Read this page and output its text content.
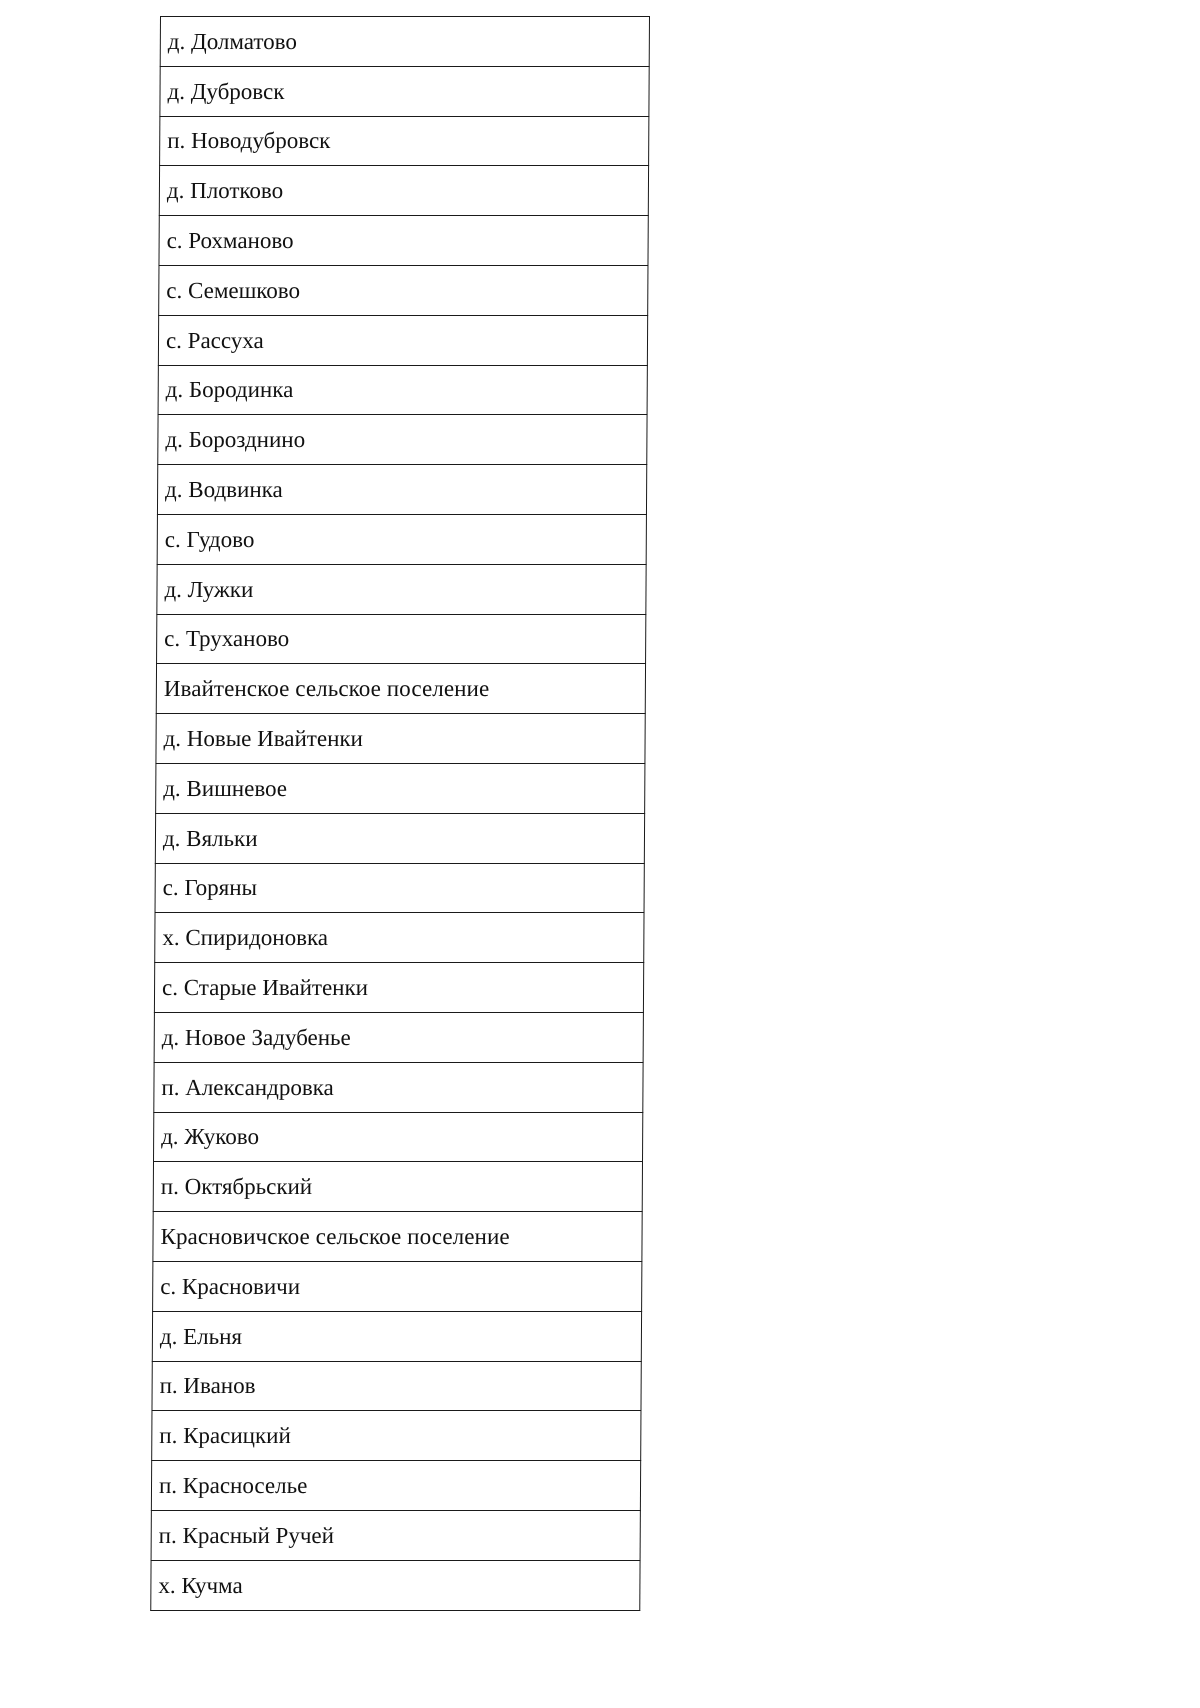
д. Долматово
д. Дубровск
п. Новодубровск
д. Плотково
с. Рохманово
с. Семешково
с. Рассуха
д. Бородинка
д. Борозднино
д. Водвинка
с. Гудово
д. Лужки
с. Труханово
Ивайтенское сельское поселение
д. Новые Ивайтенки
д. Вишневое
д. Вяльки
с. Горяны
х. Спиридоновка
с. Старые Ивайтенки
д. Новое Задубенье
п. Александровка
д. Жуково
п. Октябрьский
Красновичское сельское поселение
с. Красновичи
д. Ельня
п. Иванов
п. Красицкий
п. Красноселье
п. Красный Ручей
х. Кучма
